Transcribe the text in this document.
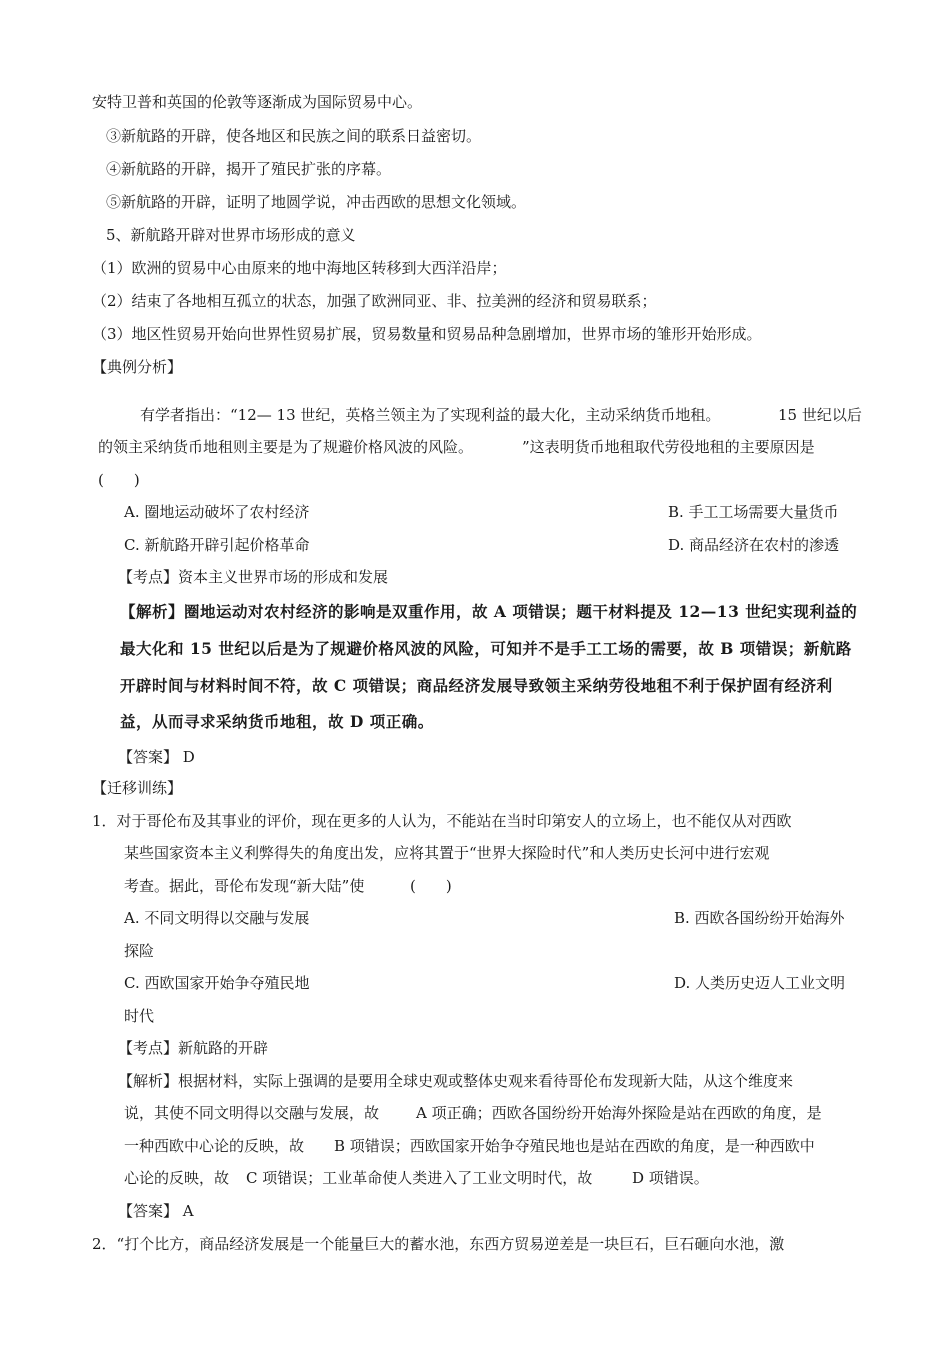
安特卫普和英国的伦敦等逐渐成为国际贸易中心。
③新航路的开辟，使各地区和民族之间的联系日益密切。
④新航路的开辟，揭开了殖民扩张的序幕。
⑤新航路的开辟，证明了地圆学说，冲击西欧的思想文化领域。
5、新航路开辟对世界市场形成的意义
（1）欧洲的贸易中心由原来的地中海地区转移到大西洋沿岸；
（2）结束了各地相互孤立的状态，加强了欧洲同亚、非、拉美洲的经济和贸易联系；
（3）地区性贸易开始向世界性贸易扩展，贸易数量和贸易品种急剧增加，世界市场的雏形开始形成。
【典例分析】
有学者指出：“12— 13 世纪，英格兰领主为了实现利益的最大化，主动采纳货币地租。	15 世纪以后
的领主采纳货币地租则主要是为了规避价格风波的风险。	”这表明货币地租取代劳役地租的主要原因是
(　　)
A. 圈地运动破坏了农村经济	B. 手工工场需要大量货币
C. 新航路开辟引起价格革命	D. 商品经济在农村的渗透
【考点】资本主义世界市场的形成和发展
【解析】圈地运动对农村经济的影响是双重作用，故 A 项错误；题干材料提及 12—13 世纪实现利益的
最大化和 15 世纪以后是为了规避价格风波的风险，可知并不是手工工场的需要，故 B 项错误；新航路
开辟时间与材料时间不符，故 C 项错误；商品经济发展导致领主采纳劳役地租不利于保护固有经济利
益，从而寻求采纳货币地租，故 D 项正确。
【答案】 D
【迁移训练】
1．对于哥伦布及其事业的评价，现在更多的人认为，不能站在当时印第安人的立场上，也不能仅从对西欧
某些国家资本主义利弊得失的角度出发，应将其置于“世界大探险时代”和人类历史长河中进行宏观
考查。据此，哥伦布发现“新大陆”使	(　　)
A. 不同文明得以交融与发展	B. 西欧各国纷纷开始海外
探险
C. 西欧国家开始争夺殖民地	D. 人类历史迈人工业文明
时代
【考点】新航路的开辟
【解析】根据材料，实际上强调的是要用全球史观或整体史观来看待哥伦布发现新大陆，从这个维度来
说，其使不同文明得以交融与发展，故 A 项正确；西欧各国纷纷开始海外探险是站在西欧的角度，是
一种西欧中心论的反映，故 B 项错误；西欧国家开始争夺殖民地也是站在西欧的角度，是一种西欧中
心论的反映，故 C 项错误；工业革命使人类进入了工业文明时代，故	D 项错误。
【答案】 A
2．“打个比方，商品经济发展是一个能量巨大的蓄水池，东西方贸易逆差是一块巨石，巨石砸向水池，激
